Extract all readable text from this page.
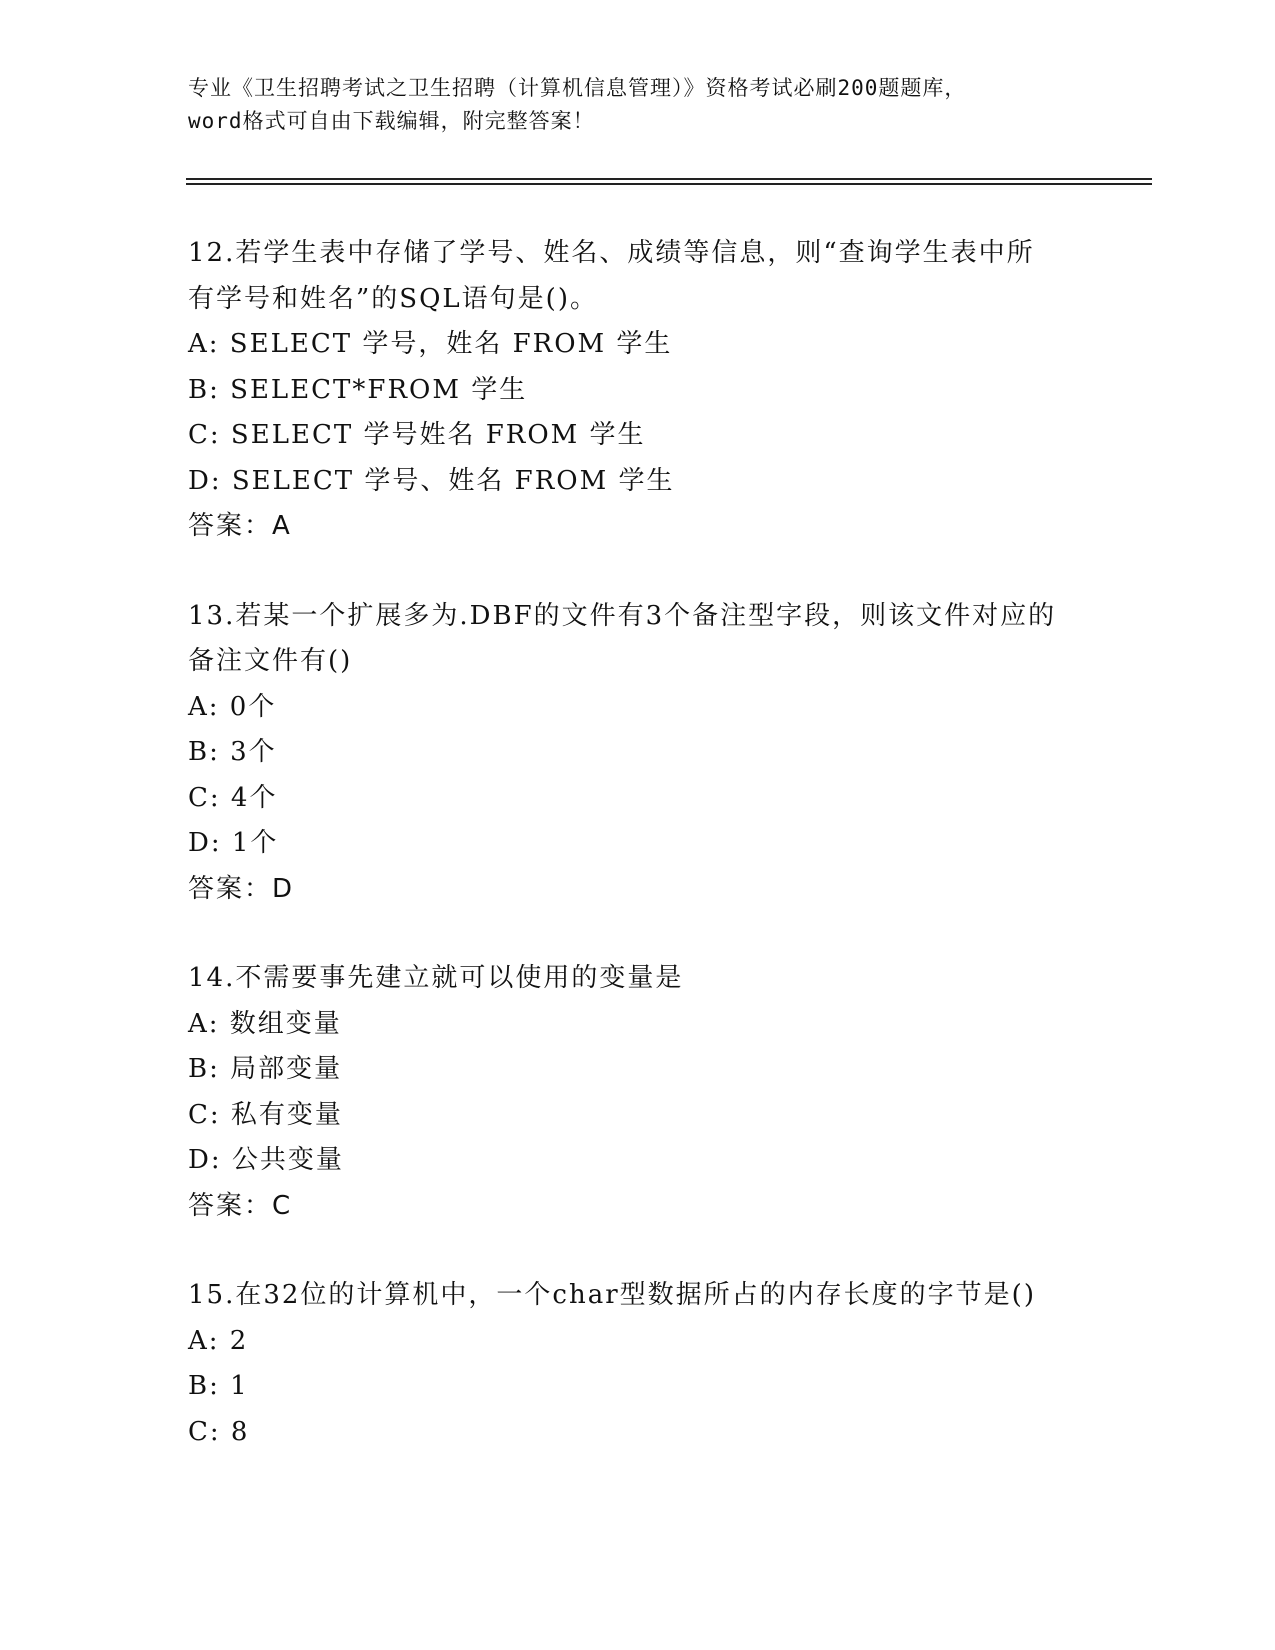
专业《卫生招聘考试之卫生招聘（计算机信息管理）》资格考试必刷200题题库，
word格式可自由下载编辑，附完整答案！

12.若学生表中存储了学号、姓名、成绩等信息，则“查询学生表中所

有学号和姓名”的SQL语句是()。

A: SELECT 学号，姓名 FROM 学生

B: SELECT*FROM 学生

C: SELECT 学号姓名 FROM 学生

D: SELECT 学号、姓名 FROM 学生

答案：A

13.若某一个扩展多为.DBF的文件有3个备注型字段，则该文件对应的

备注文件有()

A: 0个

B: 3个

C: 4个

D: 1个

答案：D

14.不需要事先建立就可以使用的变量是

A: 数组变量

B: 局部变量

C: 私有变量

D: 公共变量

答案：C

15.在32位的计算机中，一个char型数据所占的内存长度的字节是()

A: 2

B: 1

C: 8
